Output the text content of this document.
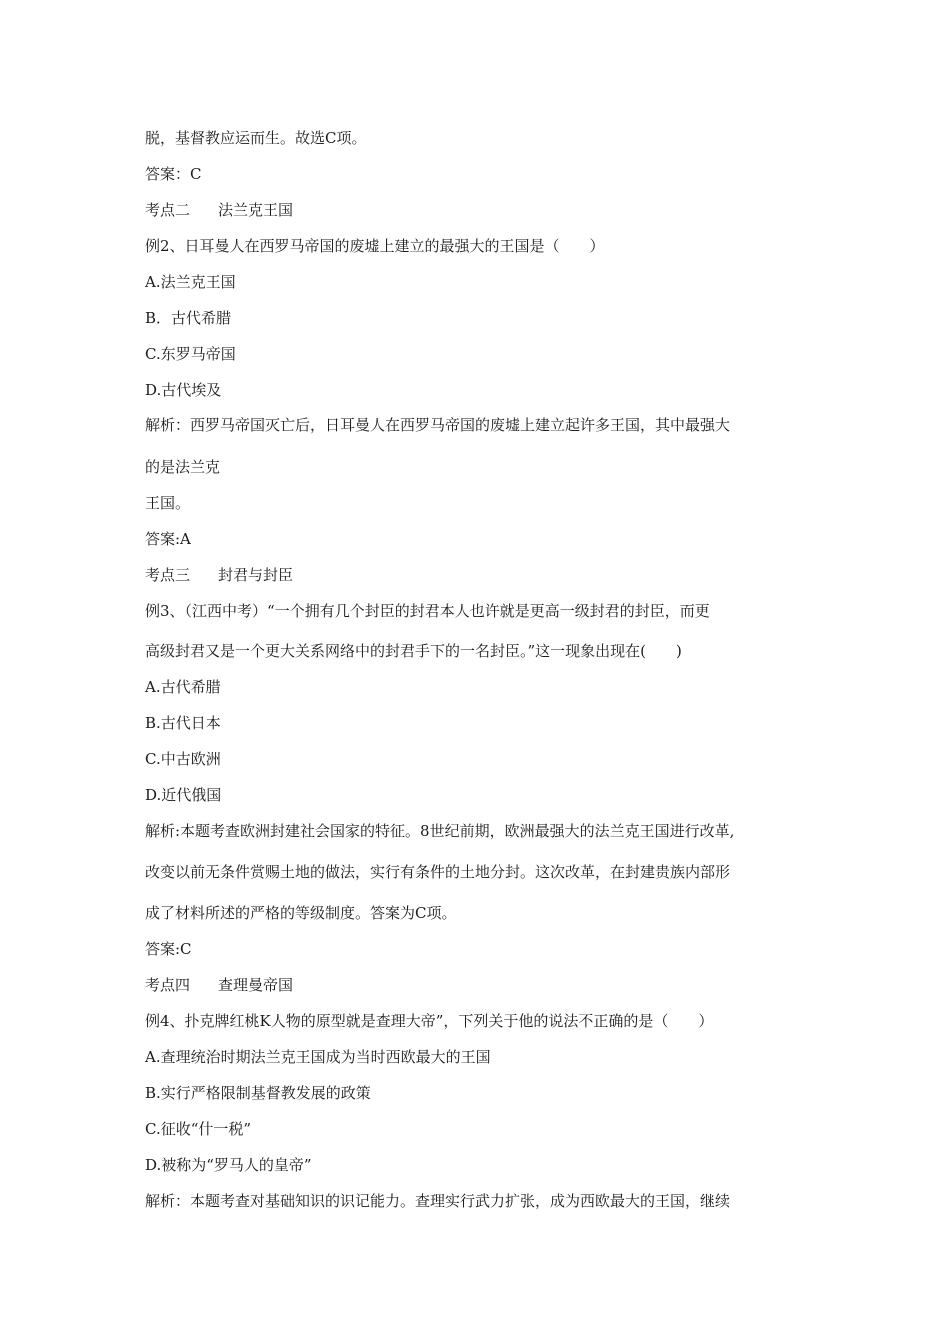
脱，基督教应运而生。故选C项。
答案：C
考点二 法兰克王国
例2、日耳曼人在西罗马帝国的废墟上建立的最强大的王国是（　　）
A.法兰克王国
B．古代希腊
C.东罗马帝国
D.古代埃及
解析：西罗马帝国灭亡后，日耳曼人在西罗马帝国的废墟上建立起许多王国，其中最强大
的是法兰克
王国。
答案:A
考点三 封君与封臣
例3、（江西中考）“一个拥有几个封臣的封君本人也许就是更高一级封君的封臣，而更
高级封君又是一个更大关系网络中的封君手下的一名封臣。”这一现象出现在(　　)
A.古代希腊
B.古代日本
C.中古欧洲
D.近代俄国
解析:本题考查欧洲封建社会国家的特征。8世纪前期，欧洲最强大的法兰克王国进行改革,
改变以前无条件赏赐土地的做法，实行有条件的土地分封。这次改革，在封建贵族内部形
成了材料所述的严格的等级制度。答案为C项。
答案:C
考点四 查理曼帝国
例4、扑克牌红桃K人物的原型就是查理大帝”，下列关于他的说法不正确的是（　　）
A.查理统治时期法兰克王国成为当时西欧最大的王国
B.实行严格限制基督教发展的政策
C.征收“什一税”
D.被称为“罗马人的皇帝”
解析：本题考查对基础知识的识记能力。查理实行武力扩张，成为西欧最大的王国，继续
